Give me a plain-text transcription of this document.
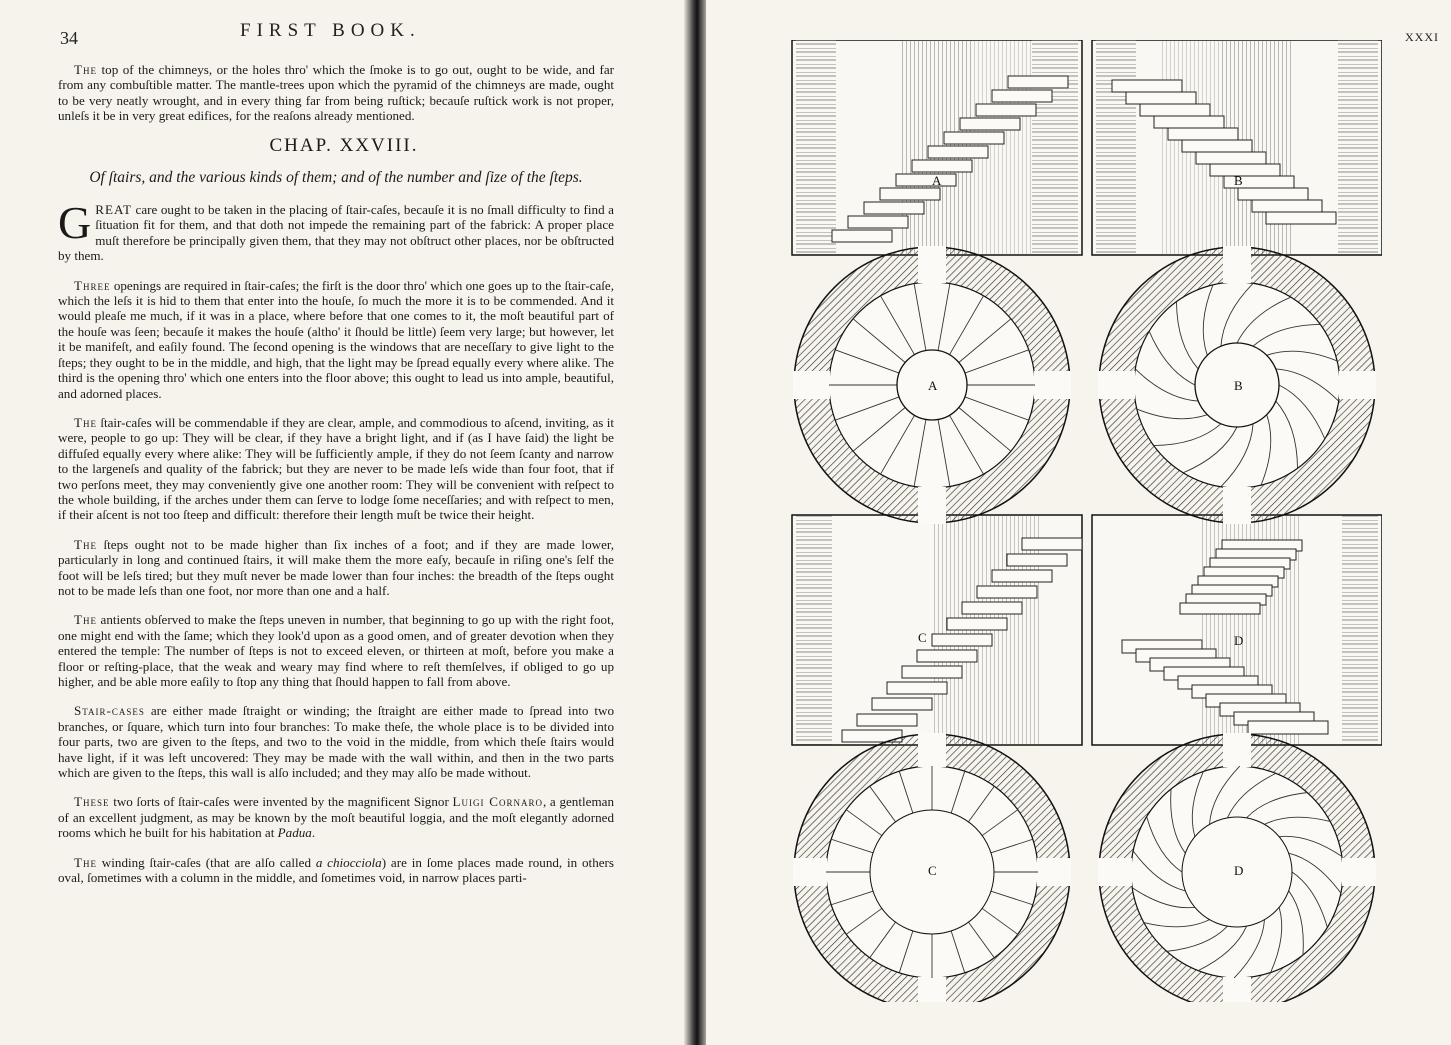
34	FIRST BOOK.

The top of the chimneys, or the holes thro' which the ſmoke is to go out, ought to be wide, and far from any combuſtible matter. The mantle-trees upon which the pyramid of the chimneys are made, ought to be very neatly wrought, and in every thing far from being ruſtick; becauſe ruſtick work is not proper, unleſs it be in very great edifices, for the reaſons already mentioned.

CHAP. XXVIII.

Of ſtairs, and the various kinds of them; and of the number and ſize of the ſteps.

GREAT care ought to be taken in the placing of ſtair-caſes, becauſe it is no ſmall difficulty to find a ſituation fit for them, and that doth not impede the remaining part of the fabrick: A proper place muſt therefore be principally given them, that they may not obſtruct other places, nor be obſtructed by them.

Three openings are required in ſtair-caſes; the firſt is the door thro' which one goes up to the ſtair-caſe, which the leſs it is hid to them that enter into the houſe, ſo much the more it is to be commended. And it would pleaſe me much, if it was in a place, where before that one comes to it, the moſt beautiful part of the houſe was ſeen; becauſe it makes the houſe (altho' it ſhould be little) ſeem very large; but however, let it be manifeſt, and eaſily found. The ſecond opening is the windows that are neceſſary to give light to the ſteps; they ought to be in the middle, and high, that the light may be ſpread equally every where alike. The third is the opening thro' which one enters into the floor above; this ought to lead us into ample, beautiful, and adorned places.

The ſtair-caſes will be commendable if they are clear, ample, and commodious to aſcend, inviting, as it were, people to go up: They will be clear, if they have a bright light, and if (as I have ſaid) the light be diffuſed equally every where alike: They will be ſufficiently ample, if they do not ſeem ſcanty and narrow to the largeneſs and quality of the fabrick; but they are never to be made leſs wide than four foot, that if two perſons meet, they may conveniently give one another room: They will be convenient with reſpect to the whole building, if the arches under them can ſerve to lodge ſome neceſſaries; and with reſpect to men, if their aſcent is not too ſteep and difficult: therefore their length muſt be twice their height.

The ſteps ought not to be made higher than ſix inches of a foot; and if they are made lower, particularly in long and continued ſtairs, it will make them the more eaſy, becauſe in riſing one's ſelf the foot will be leſs tired; but they muſt never be made lower than four inches: the breadth of the ſteps ought not to be made leſs than one foot, nor more than one and a half.

The antients obſerved to make the ſteps uneven in number, that beginning to go up with the right foot, one might end with the ſame; which they look'd upon as a good omen, and of greater devotion when they entered the temple: The number of ſteps is not to exceed eleven, or thirteen at moſt, before you make a floor or reſting-place, that the weak and weary may find where to reſt themſelves, if obliged to go up higher, and be able more eaſily to ſtop any thing that ſhould happen to fall from above.

Stair-cases are either made ſtraight or winding; the ſtraight are either made to ſpread into two branches, or ſquare, which turn into four branches: To make theſe, the whole place is to be divided into four parts, two are given to the ſteps, and two to the void in the middle, from which theſe ſtairs would have light, if it was left uncovered: They may be made with the wall within, and then in the two parts which are given to the ſteps, this wall is alſo included; and they may alſo be made without.

These two ſorts of ſtair-caſes were invented by the magnificent Signor Luigi Cornaro, a gentleman of an excellent judgment, as may be known by the moſt beautiful loggia, and the moſt elegantly adorned rooms which he built for his habitation at Padua.

The winding ſtair-caſes (that are alſo called a chiocciola) are in ſome places made round, in others oval, ſometimes with a column in the middle, and ſometimes void, in narrow places parti-

XXXI
A	B
A	B
C	D
C	D
